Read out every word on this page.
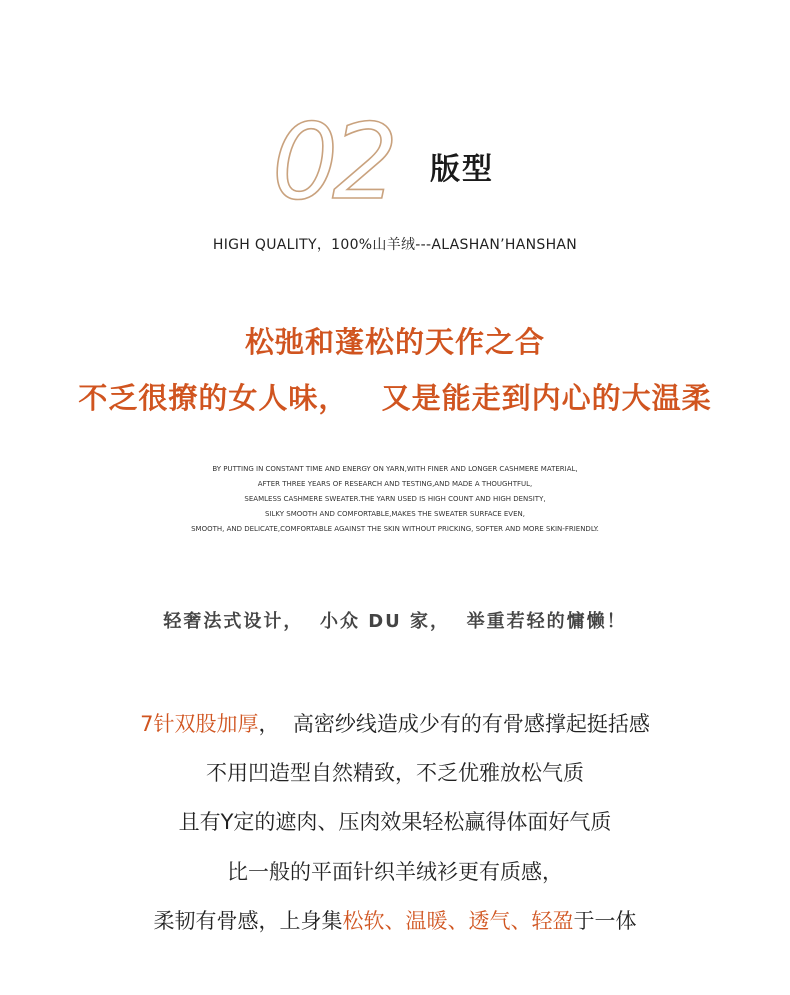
02 版型
HIGH QUALITY，100%山羊绒---ALASHAN’HANSHAN
松弛和蓬松的天作之合
不乏很撩的女人味，   又是能走到内心的大温柔
BY PUTTING IN CONSTANT TIME AND ENERGY ON YARN,WITH FINER AND LONGER CASHMERE MATERIAL,
AFTER THREE YEARS OF RESEARCH AND TESTING,AND MADE A THOUGHTFUL,
SEAMLESS CASHMERE SWEATER.THE YARN USED IS HIGH COUNT AND HIGH DENSITY,
SILKY SMOOTH AND COMFORTABLE,MAKES THE SWEATER SURFACE EVEN,
SMOOTH, AND DELICATE,COMFORTABLE AGAINST THE SKIN WITHOUT PRICKING, SOFTER AND MORE SKIN-FRIENDLY.
轻奢法式设计，  小众 DU 家，  举重若轻的慵懒！
7针双股加厚，  高密纱线造成少有的有骨感撑起挺括感
不用凹造型自然精致，不乏优雅放松气质
且有Y定的遮肉、压肉效果轻松赢得体面好气质
比一般的平面针织羊绒衫更有质感，
柔韧有骨感，上身集松软、温暖、透气、轻盈于一体
